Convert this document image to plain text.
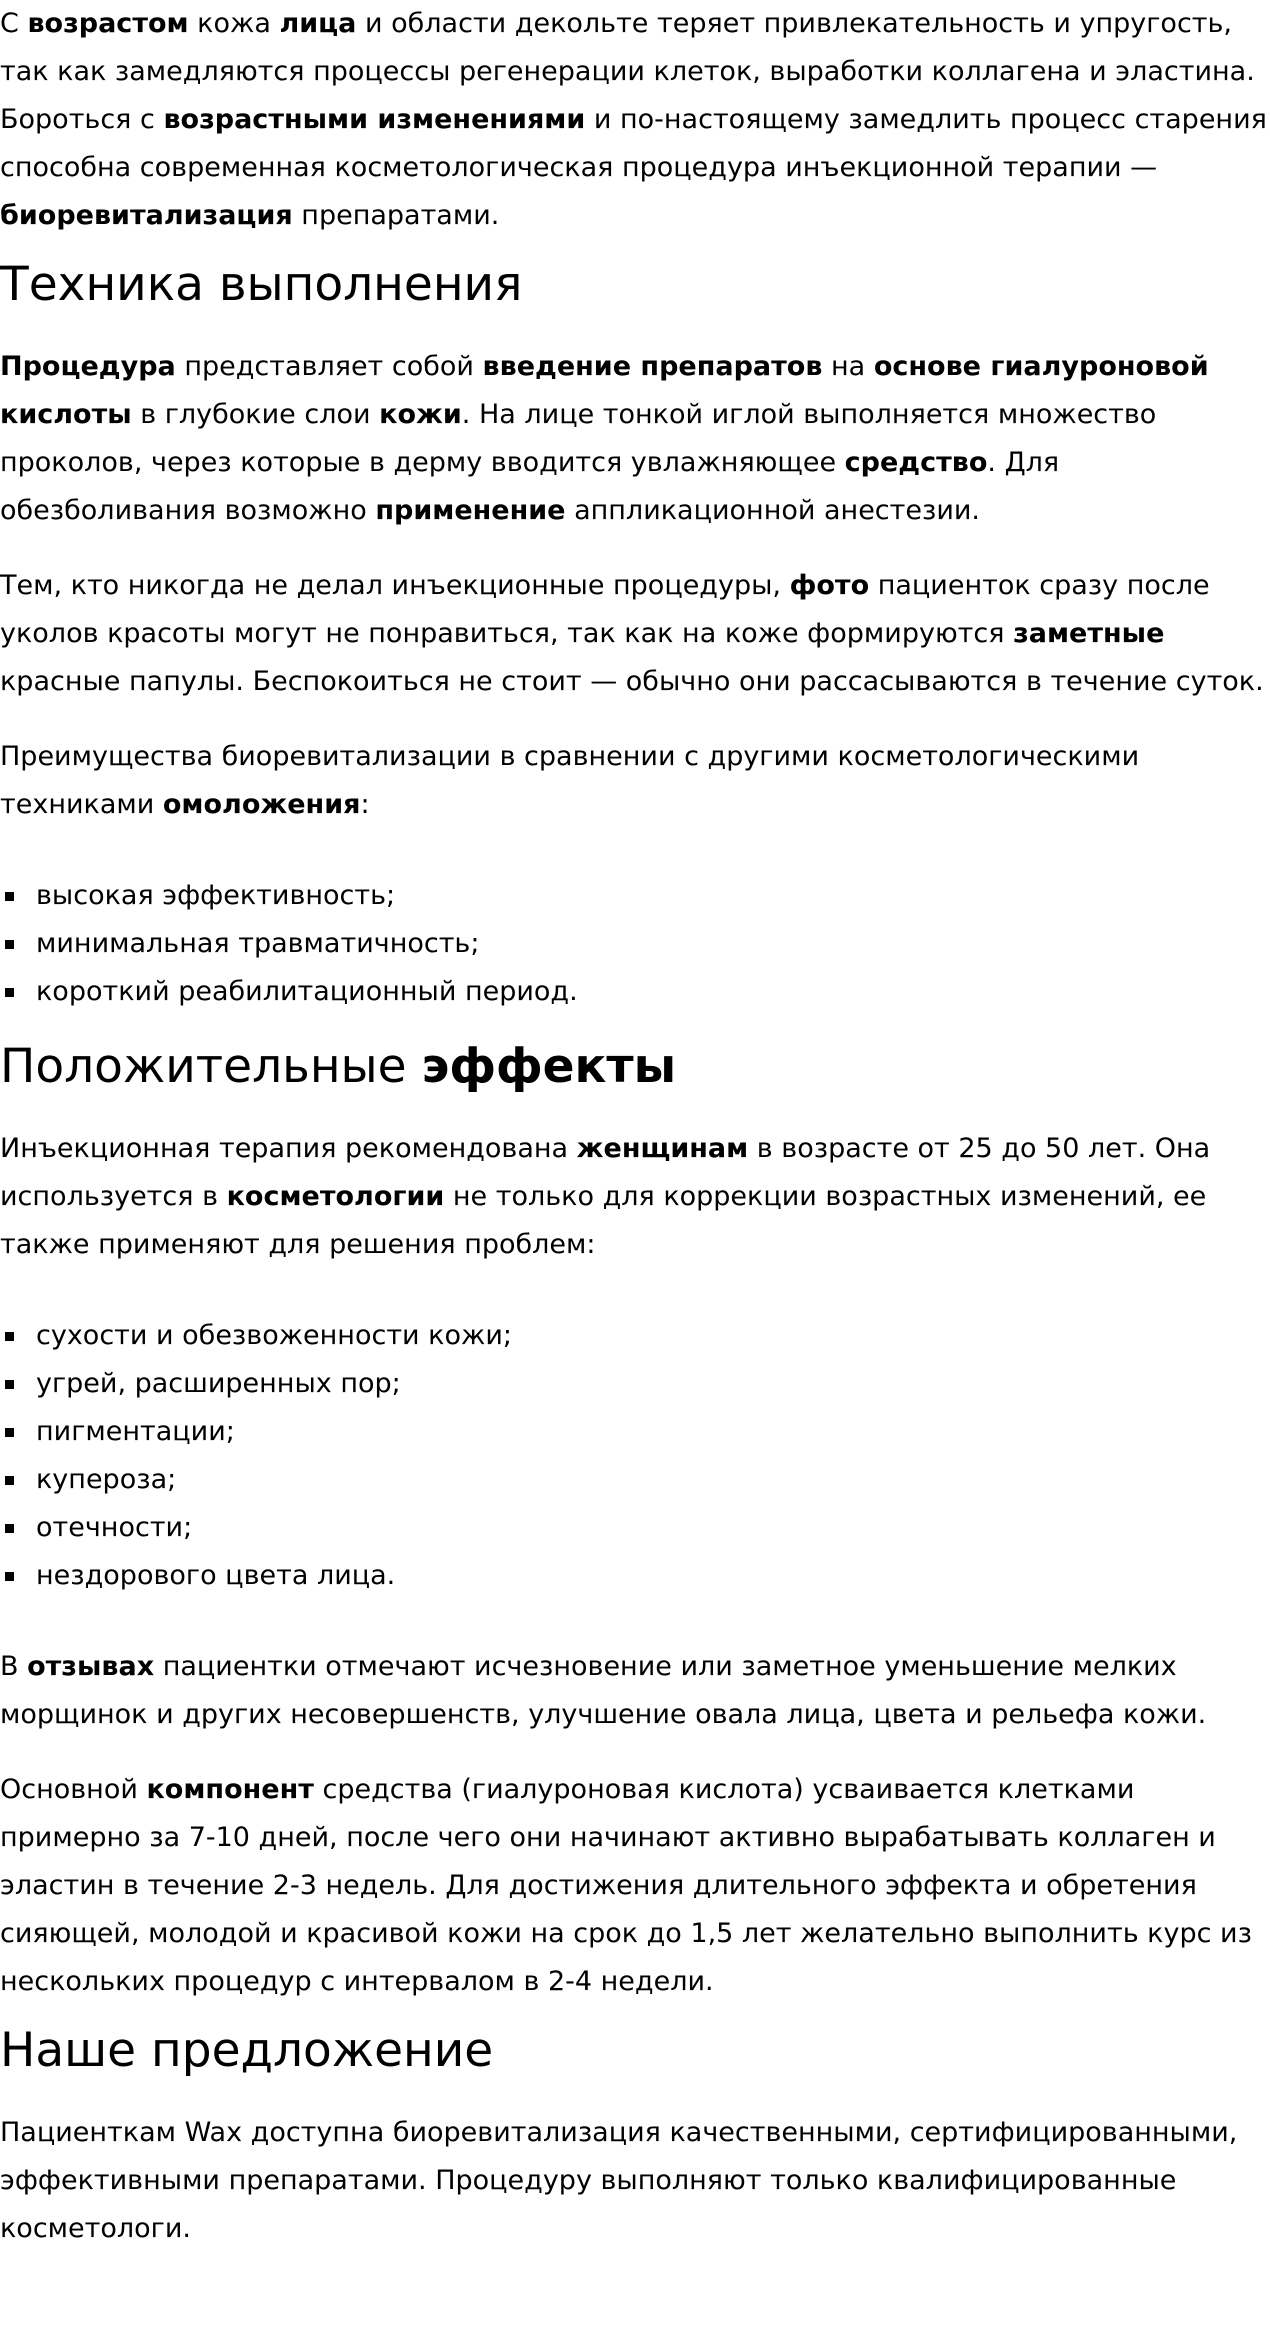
С возрастом кожа лица и области декольте теряет привлекательность и упругость, так как замедляются процессы регенерации клеток, выработки коллагена и эластина. Бороться с возрастными изменениями и по-настоящему замедлить процесс старения способна современная косметологическая процедура инъекционной терапии — биоревитализация препаратами.

Техника выполнения

Процедура представляет собой введение препаратов на основе гиалуроновой кислоты в глубокие слои кожи. На лице тонкой иглой выполняется множество проколов, через которые в дерму вводится увлажняющее средство. Для обезболивания возможно применение аппликационной анестезии.

Тем, кто никогда не делал инъекционные процедуры, фото пациенток сразу после уколов красоты могут не понравиться, так как на коже формируются заметные красные папулы. Беспокоиться не стоит — обычно они рассасываются в течение суток.

Преимущества биоревитализации в сравнении с другими косметологическими техниками омоложения:

высокая эффективность;
минимальная травматичность;
короткий реабилитационный период.
Положительные эффекты

Инъекционная терапия рекомендована женщинам в возрасте от 25 до 50 лет. Она используется в косметологии не только для коррекции возрастных изменений, ее также применяют для решения проблем:

сухости и обезвоженности кожи;
угрей, расширенных пор;
пигментации;
купероза;
отечности;
нездорового цвета лица.

В отзывах пациентки отмечают исчезновение или заметное уменьшение мелких морщинок и других несовершенств, улучшение овала лица, цвета и рельефа кожи.

Основной компонент средства (гиалуроновая кислота) усваивается клетками примерно за 7-10 дней, после чего они начинают активно вырабатывать коллаген и эластин в течение 2-3 недель. Для достижения длительного эффекта и обретения сияющей, молодой и красивой кожи на срок до 1,5 лет желательно выполнить курс из нескольких процедур с интервалом в 2-4 недели.

Наше предложение

Пациенткам Wax доступна биоревитализация качественными, сертифицированными, эффективными препаратами. Процедуру выполняют только квалифицированные косметологи.
